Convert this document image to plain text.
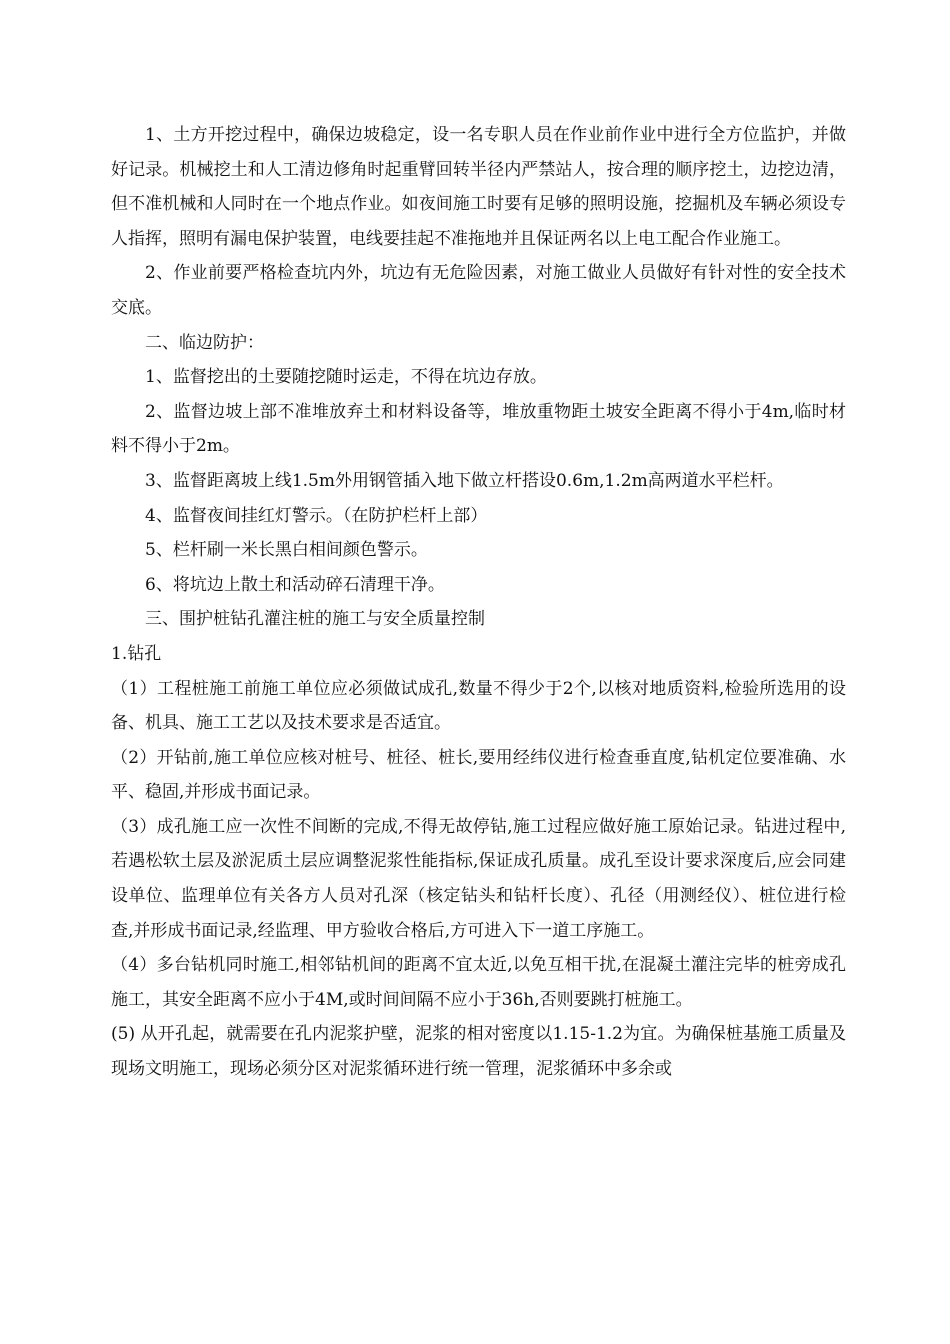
1、土方开挖过程中，确保边坡稳定，设一名专职人员在作业前作业中进行全方位监护，并做好记录。机械挖土和人工清边修角时起重臂回转半径内严禁站人，按合理的顺序挖土，边挖边清，但不准机械和人同时在一个地点作业。如夜间施工时要有足够的照明设施，挖掘机及车辆必须设专人指挥，照明有漏电保护装置，电线要挂起不准拖地并且保证两名以上电工配合作业施工。

2、作业前要严格检查坑内外，坑边有无危险因素，对施工做业人员做好有针对性的安全技术交底。

二、临边防护：

1、监督挖出的土要随挖随时运走，不得在坑边存放。

2、监督边坡上部不准堆放弃土和材料设备等，堆放重物距土坡安全距离不得小于4m,临时材料不得小于2m。

3、监督距离坡上线1.5m外用钢管插入地下做立杆搭设0.6m,1.2m高两道水平栏杆。

4、监督夜间挂红灯警示。（在防护栏杆上部）

5、栏杆刷一米长黑白相间颜色警示。

6、将坑边上散土和活动碎石清理干净。

三、围护桩钻孔灌注桩的施工与安全质量控制

1.钻孔

（1）工程桩施工前施工单位应必须做试成孔,数量不得少于2个,以核对地质资料,检验所选用的设备、机具、施工工艺以及技术要求是否适宜。

（2）开钻前,施工单位应核对桩号、桩径、桩长,要用经纬仪进行检查垂直度,钻机定位要准确、水平、稳固,并形成书面记录。

（3）成孔施工应一次性不间断的完成,不得无故停钻,施工过程应做好施工原始记录。钻进过程中,若遇松软土层及淤泥质土层应调整泥浆性能指标,保证成孔质量。成孔至设计要求深度后,应会同建设单位、监理单位有关各方人员对孔深（核定钻头和钻杆长度）、孔径（用测经仪）、桩位进行检查,并形成书面记录,经监理、甲方验收合格后,方可进入下一道工序施工。

（4）多台钻机同时施工,相邻钻机间的距离不宜太近,以免互相干扰,在混凝土灌注完毕的桩旁成孔施工，其安全距离不应小于4M,或时间间隔不应小于36h,否则要跳打桩施工。

(5) 从开孔起，就需要在孔内泥浆护壁，泥浆的相对密度以1.15-1.2为宜。为确保桩基施工质量及现场文明施工，现场必须分区对泥浆循环进行统一管理，泥浆循环中多余或
